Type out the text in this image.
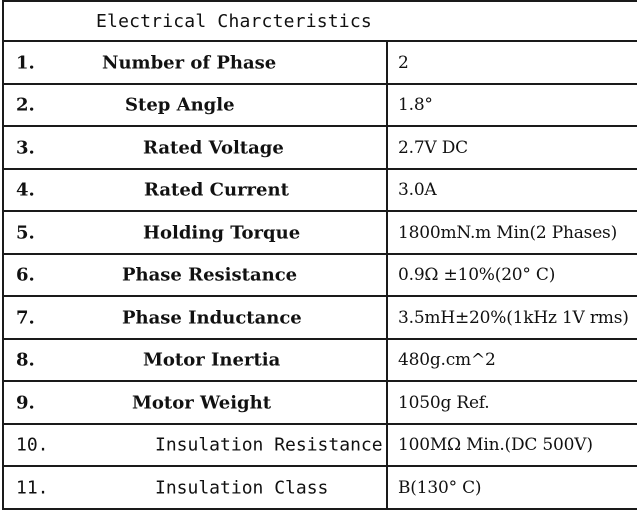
Electrical Charcteristics	

1. Number of Phase	2

2. Step Angle	1.8°

3. Rated Voltage	2.7V DC

4. Rated Current	3.0A

5. Holding Torque	1800mN.m Min(2 Phases)

6. Phase Resistance	0.9Ω ±10%(20° C)

7. Phase Inductance	3.5mH±20%(1kHz 1V rms)

8. Motor Inertia	480g.cm^2

9. Motor Weight	1050g Ref.

10. Insulation Resistance	100MΩ Min.(DC 500V)

11. Insulation Class	B(130° C)
